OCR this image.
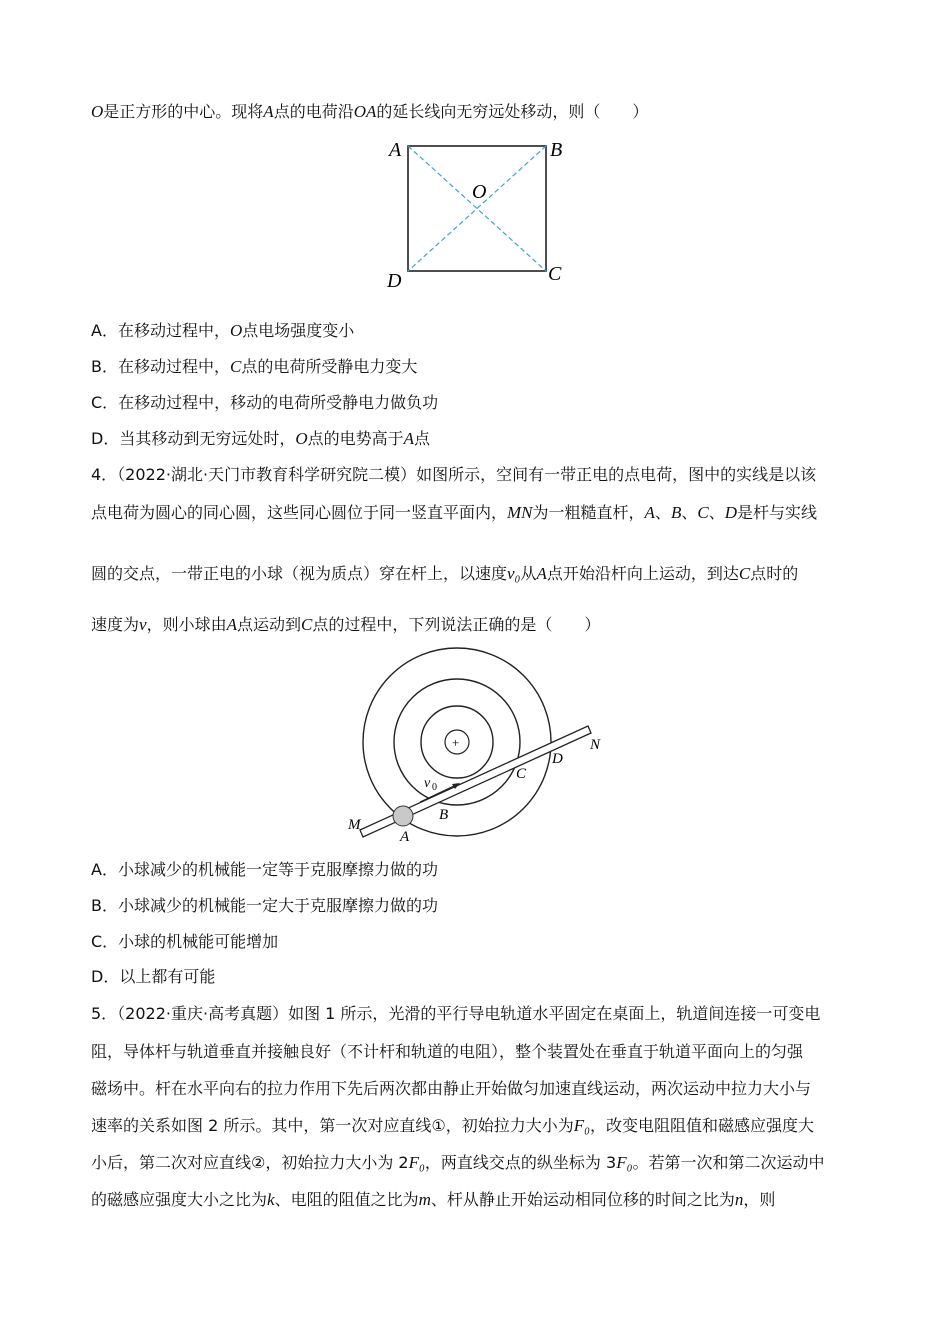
O是正方形的中心。现将A点的电荷沿OA的延长线向无穷远处移动，则（　　）
A	B
O
D	C
A．在移动过程中，O点电场强度变小
B．在移动过程中，C点的电荷所受静电力变大
C．在移动过程中，移动的电荷所受静电力做负功
D．当其移动到无穷远处时，O点的电势高于A点
4．（2022·湖北·天门市教育科学研究院二模）如图所示，空间有一带正电的点电荷，图中的实线是以该
点电荷为圆心的同心圆，这些同心圆位于同一竖直平面内，MN为一粗糙直杆，A、B、C、D是杆与实线
圆的交点，一带正电的小球（视为质点）穿在杆上，以速度v₀从A点开始沿杆向上运动，到达C点时的
速度为v，则小球由A点运动到C点的过程中，下列说法正确的是（　　）
+
v 0
M
A
B
C
D
N
A．小球减少的机械能一定等于克服摩擦力做的功
B．小球减少的机械能一定大于克服摩擦力做的功
C．小球的机械能可能增加
D．以上都有可能
5．（2022·重庆·高考真题）如图 1 所示，光滑的平行导电轨道水平固定在桌面上，轨道间连接一可变电
阻，导体杆与轨道垂直并接触良好（不计杆和轨道的电阻），整个装置处在垂直于轨道平面向上的匀强
磁场中。杆在水平向右的拉力作用下先后两次都由静止开始做匀加速直线运动，两次运动中拉力大小与
速率的关系如图 2 所示。其中，第一次对应直线①，初始拉力大小为F₀，改变电阻阻值和磁感应强度大
小后，第二次对应直线②，初始拉力大小为 2F₀，两直线交点的纵坐标为 3F₀。若第一次和第二次运动中
的磁感应强度大小之比为k、电阻的阻值之比为m、杆从静止开始运动相同位移的时间之比为n，则
